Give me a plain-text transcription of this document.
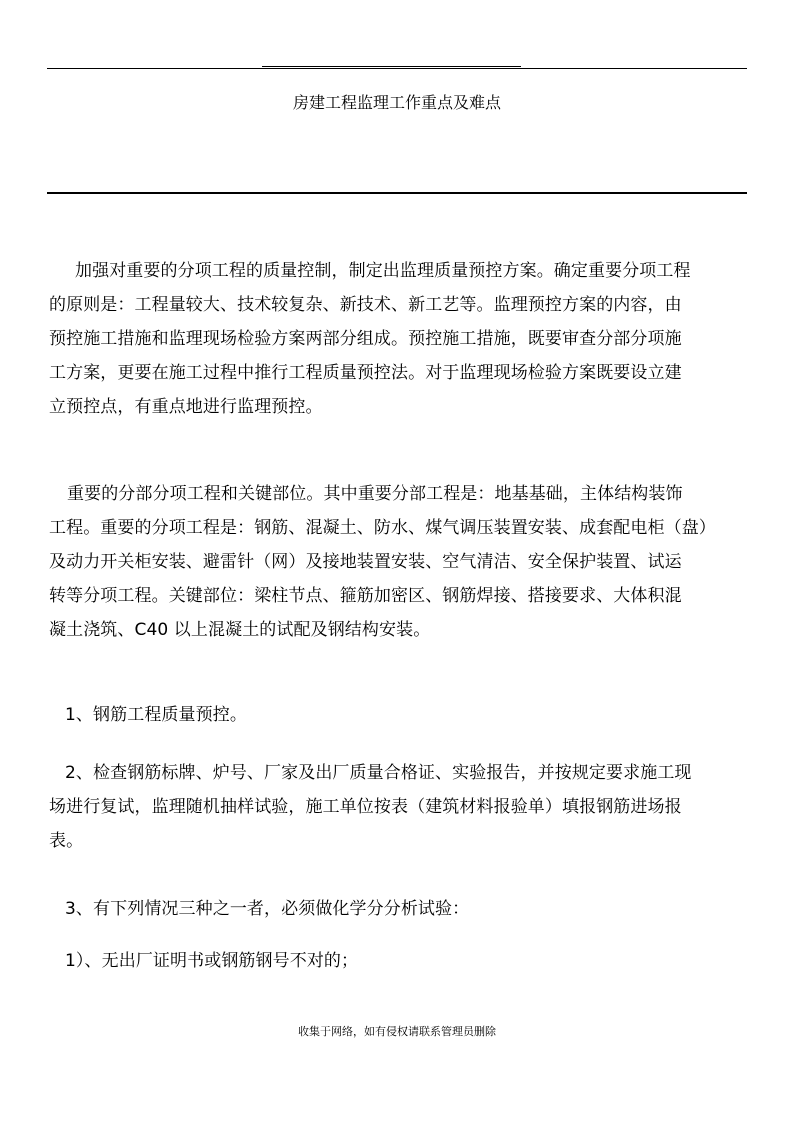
房建工程监理工作重点及难点
加强对重要的分项工程的质量控制，制定出监理质量预控方案。确定重要分项工程
的原则是：工程量较大、技术较复杂、新技术、新工艺等。监理预控方案的内容，由
预控施工措施和监理现场检验方案两部分组成。预控施工措施，既要审查分部分项施
工方案，更要在施工过程中推行工程质量预控法。对于监理现场检验方案既要设立建
立预控点，有重点地进行监理预控。
重要的分部分项工程和关键部位。其中重要分部工程是：地基基础，主体结构装饰
工程。重要的分项工程是：钢筋、混凝土、防水、煤气调压装置安装、成套配电柜（盘）
及动力开关柜安装、避雷针（网）及接地装置安装、空气清洁、安全保护装置、试运
转等分项工程。关键部位：梁柱节点、箍筋加密区、钢筋焊接、搭接要求、大体积混
凝土浇筑、C40 以上混凝土的试配及钢结构安装。
1、钢筋工程质量预控。
2、检查钢筋标牌、炉号、厂家及出厂质量合格证、实验报告，并按规定要求施工现
场进行复试，监理随机抽样试验，施工单位按表（建筑材料报验单）填报钢筋进场报
表。
3、有下列情况三种之一者，必须做化学分分析试验：
1）、无出厂证明书或钢筋钢号不对的；
收集于网络，如有侵权请联系管理员删除
